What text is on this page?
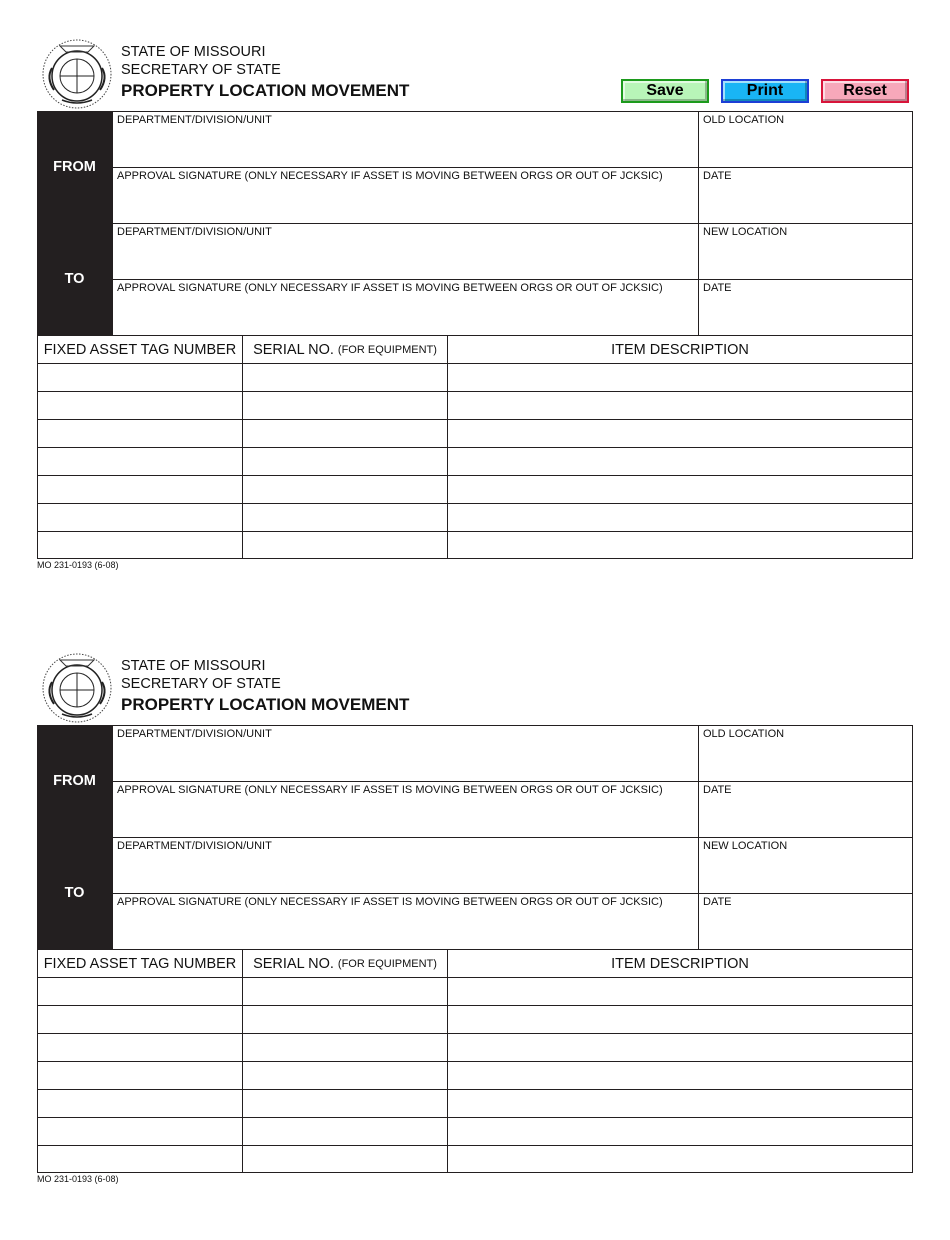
STATE OF MISSOURI
SECRETARY OF STATE
PROPERTY LOCATION MOVEMENT	Save	Print	Reset
FROM
DEPARTMENT/DIVISION/UNIT	OLD LOCATION
APPROVAL SIGNATURE (ONLY NECESSARY IF ASSET IS MOVING BETWEEN ORGS OR OUT OF JCKSIC)	DATE
TO
DEPARTMENT/DIVISION/UNIT	NEW LOCATION
APPROVAL SIGNATURE (ONLY NECESSARY IF ASSET IS MOVING BETWEEN ORGS OR OUT OF JCKSIC)	DATE
FIXED ASSET TAG NUMBER	SERIAL NO. (FOR EQUIPMENT)	ITEM DESCRIPTION
MO 231-0193 (6-08)
STATE OF MISSOURI
SECRETARY OF STATE
PROPERTY LOCATION MOVEMENT
FROM
DEPARTMENT/DIVISION/UNIT	OLD LOCATION
APPROVAL SIGNATURE (ONLY NECESSARY IF ASSET IS MOVING BETWEEN ORGS OR OUT OF JCKSIC)	DATE
TO
DEPARTMENT/DIVISION/UNIT	NEW LOCATION
APPROVAL SIGNATURE (ONLY NECESSARY IF ASSET IS MOVING BETWEEN ORGS OR OUT OF JCKSIC)	DATE
FIXED ASSET TAG NUMBER	SERIAL NO. (FOR EQUIPMENT)	ITEM DESCRIPTION
MO 231-0193 (6-08)
